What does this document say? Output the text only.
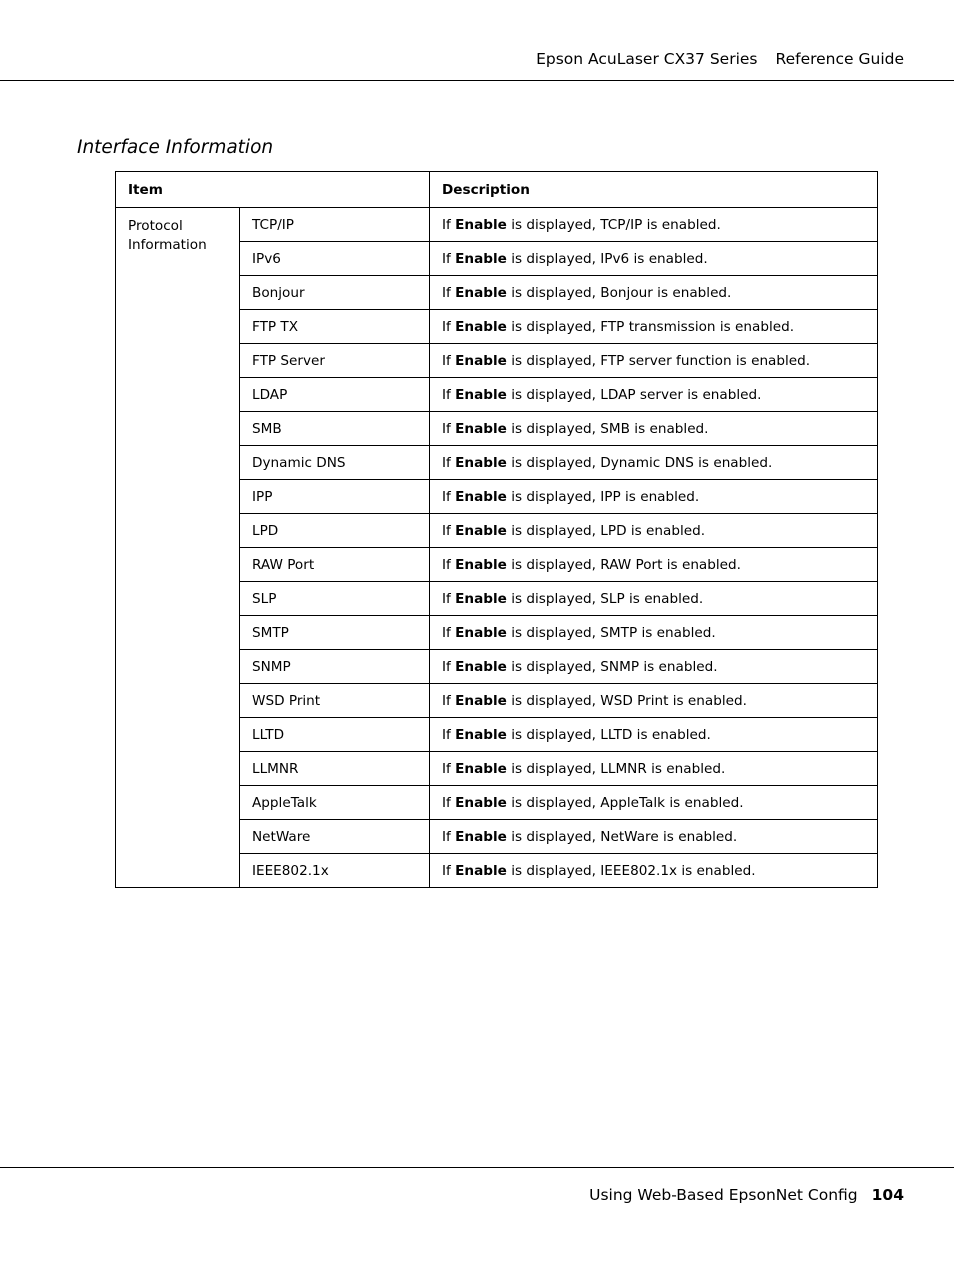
Epson AcuLaser CX37 Series Reference Guide
Interface Information
Item		Description
Protocol Information	TCP/IP	If Enable is displayed, TCP/IP is enabled.
	IPv6	If Enable is displayed, IPv6 is enabled.
	Bonjour	If Enable is displayed, Bonjour is enabled.
	FTP TX	If Enable is displayed, FTP transmission is enabled.
	FTP Server	If Enable is displayed, FTP server function is enabled.
	LDAP	If Enable is displayed, LDAP server is enabled.
	SMB	If Enable is displayed, SMB is enabled.
	Dynamic DNS	If Enable is displayed, Dynamic DNS is enabled.
	IPP	If Enable is displayed, IPP is enabled.
	LPD	If Enable is displayed, LPD is enabled.
	RAW Port	If Enable is displayed, RAW Port is enabled.
	SLP	If Enable is displayed, SLP is enabled.
	SMTP	If Enable is displayed, SMTP is enabled.
	SNMP	If Enable is displayed, SNMP is enabled.
	WSD Print	If Enable is displayed, WSD Print is enabled.
	LLTD	If Enable is displayed, LLTD is enabled.
	LLMNR	If Enable is displayed, LLMNR is enabled.
	AppleTalk	If Enable is displayed, AppleTalk is enabled.
	NetWare	If Enable is displayed, NetWare is enabled.
	IEEE802.1x	If Enable is displayed, IEEE802.1x is enabled.
Using Web-Based EpsonNet Config 104
